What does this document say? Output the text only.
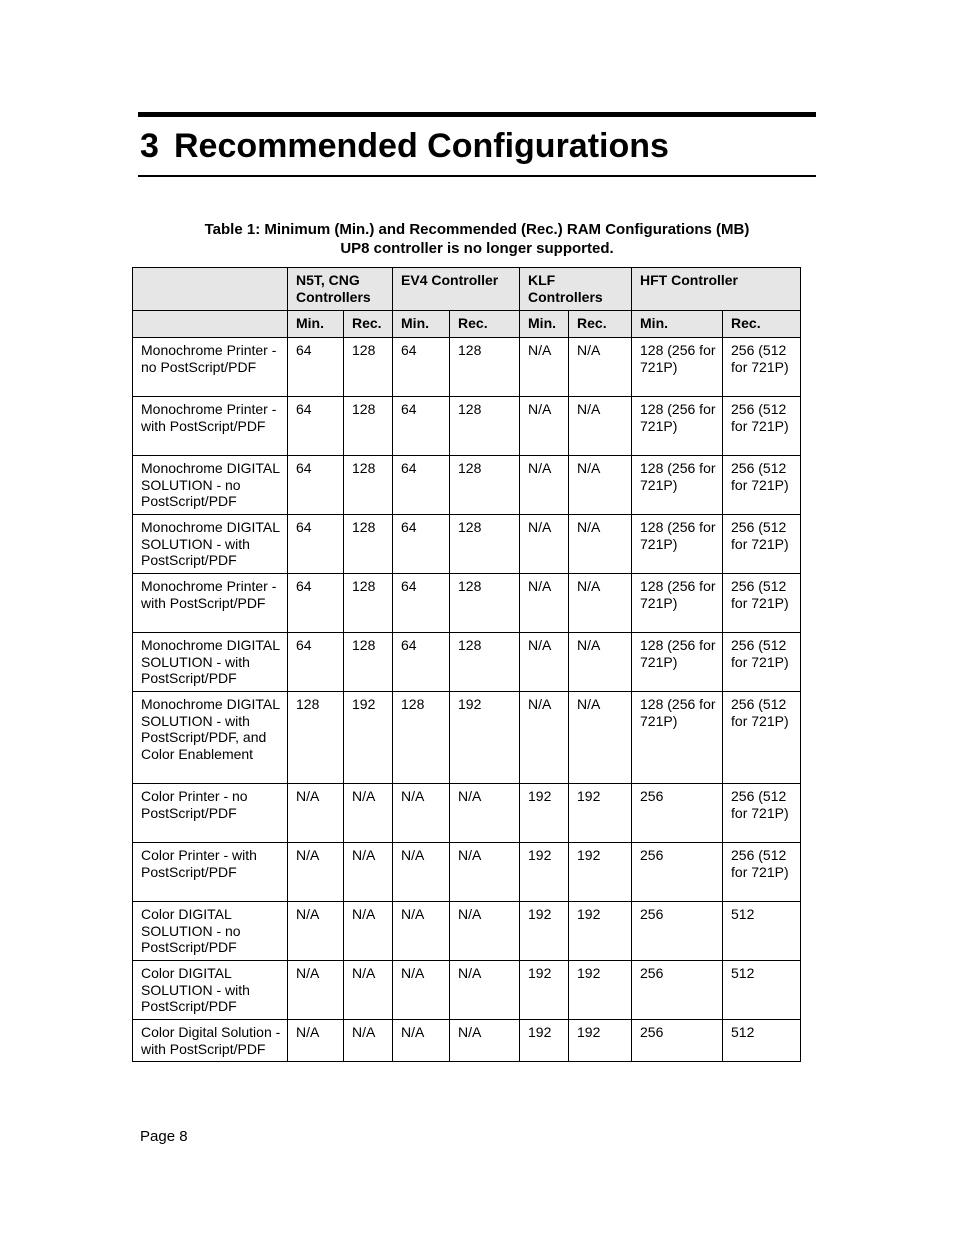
3 Recommended Configurations
Table 1: Minimum (Min.) and Recommended (Rec.) RAM Configurations (MB)
UP8 controller is no longer supported.
	N5T, CNG Controllers		EV4 Controller		KLF Controllers		HFT Controller	
	Min.	Rec.	Min.	Rec.	Min.	Rec.	Min.	Rec.
Monochrome Printer - no PostScript/PDF	64	128	64	128	N/A	N/A	128 (256 for 721P)	256 (512 for 721P)
Monochrome Printer - with PostScript/PDF	64	128	64	128	N/A	N/A	128 (256 for 721P)	256 (512 for 721P)
Monochrome DIGITAL SOLUTION - no PostScript/PDF	64	128	64	128	N/A	N/A	128 (256 for 721P)	256 (512 for 721P)
Monochrome DIGITAL SOLUTION - with PostScript/PDF	64	128	64	128	N/A	N/A	128 (256 for 721P)	256 (512 for 721P)
Monochrome Printer - with PostScript/PDF	64	128	64	128	N/A	N/A	128 (256 for 721P)	256 (512 for 721P)
Monochrome DIGITAL SOLUTION - with PostScript/PDF	64	128	64	128	N/A	N/A	128 (256 for 721P)	256 (512 for 721P)
Monochrome DIGITAL SOLUTION - with PostScript/PDF, and Color Enablement	128	192	128	192	N/A	N/A	128 (256 for 721P)	256 (512 for 721P)
Color Printer - no PostScript/PDF	N/A	N/A	N/A	N/A	192	192	256	256 (512 for 721P)
Color Printer - with PostScript/PDF	N/A	N/A	N/A	N/A	192	192	256	256 (512 for 721P)
Color DIGITAL SOLUTION - no PostScript/PDF	N/A	N/A	N/A	N/A	192	192	256	512
Color DIGITAL SOLUTION - with PostScript/PDF	N/A	N/A	N/A	N/A	192	192	256	512
Color Digital Solution - with PostScript/PDF	N/A	N/A	N/A	N/A	192	192	256	512
Page 8
